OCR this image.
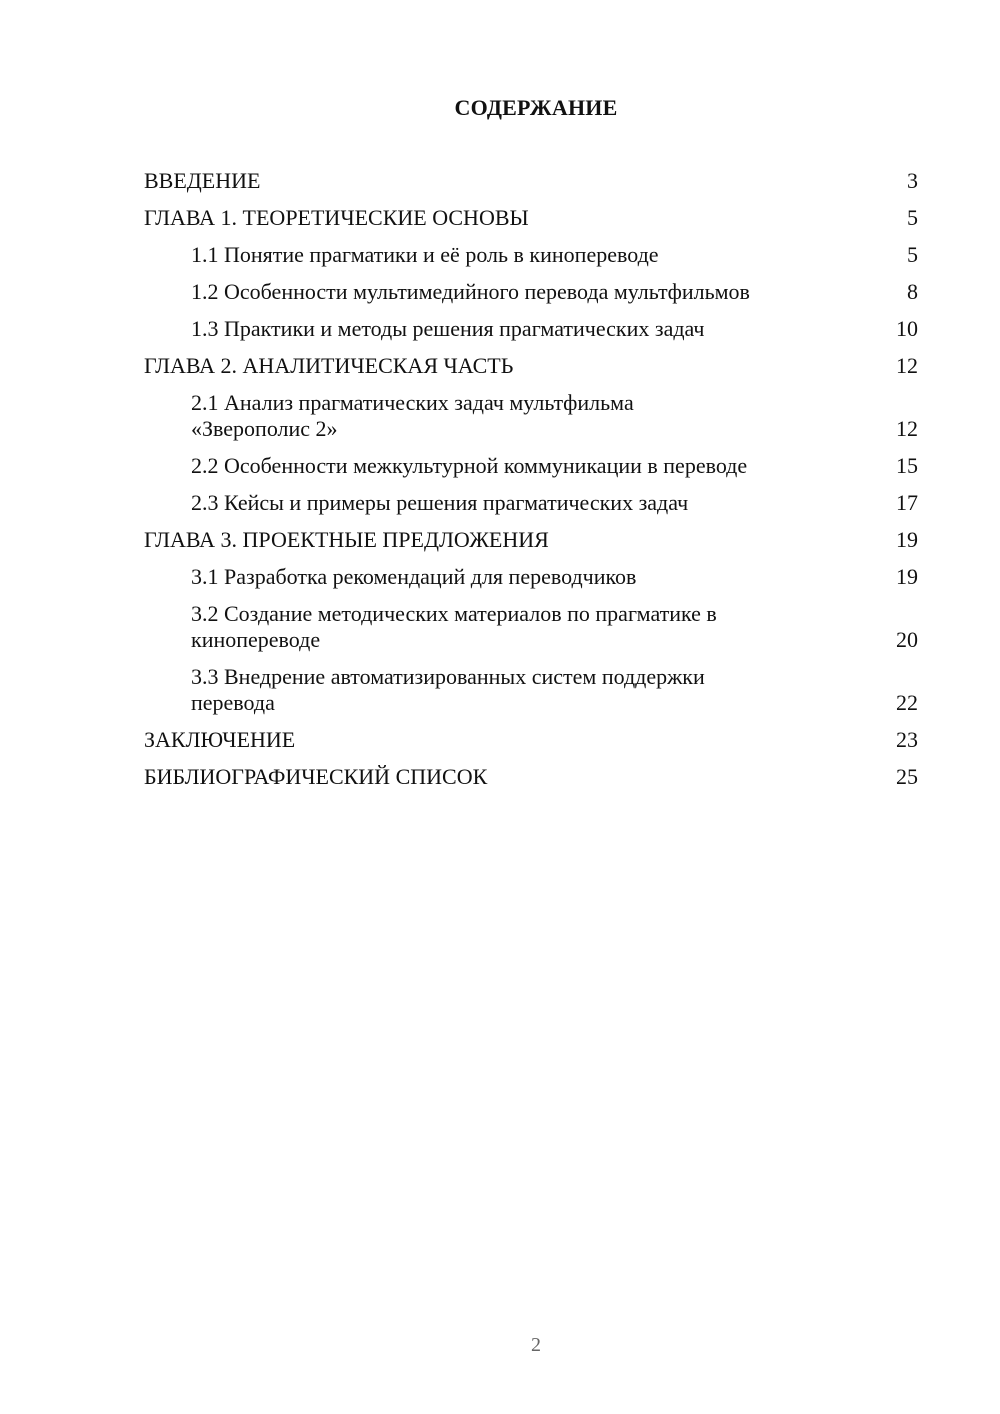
СОДЕРЖАНИЕ
ВВЕДЕНИЕ	3
ГЛАВА 1. ТЕОРЕТИЧЕСКИЕ ОСНОВЫ	5
1.1 Понятие прагматики и её роль в кинопереводе	5
1.2 Особенности мультимедийного перевода мультфильмов	8
1.3 Практики и методы решения прагматических задач	10
ГЛАВА 2. АНАЛИТИЧЕСКАЯ ЧАСТЬ	12
2.1 Анализ прагматических задач мультфильма «Зверополис 2»	12
2.2 Особенности межкультурной коммуникации в переводе	15
2.3 Кейсы и примеры решения прагматических задач	17
ГЛАВА 3. ПРОЕКТНЫЕ ПРЕДЛОЖЕНИЯ	19
3.1 Разработка рекомендаций для переводчиков	19
3.2 Создание методических материалов по прагматике в кинопереводе	20
3.3 Внедрение автоматизированных систем поддержки перевода	22
ЗАКЛЮЧЕНИЕ	23
БИБЛИОГРАФИЧЕСКИЙ СПИСОК	25
2
